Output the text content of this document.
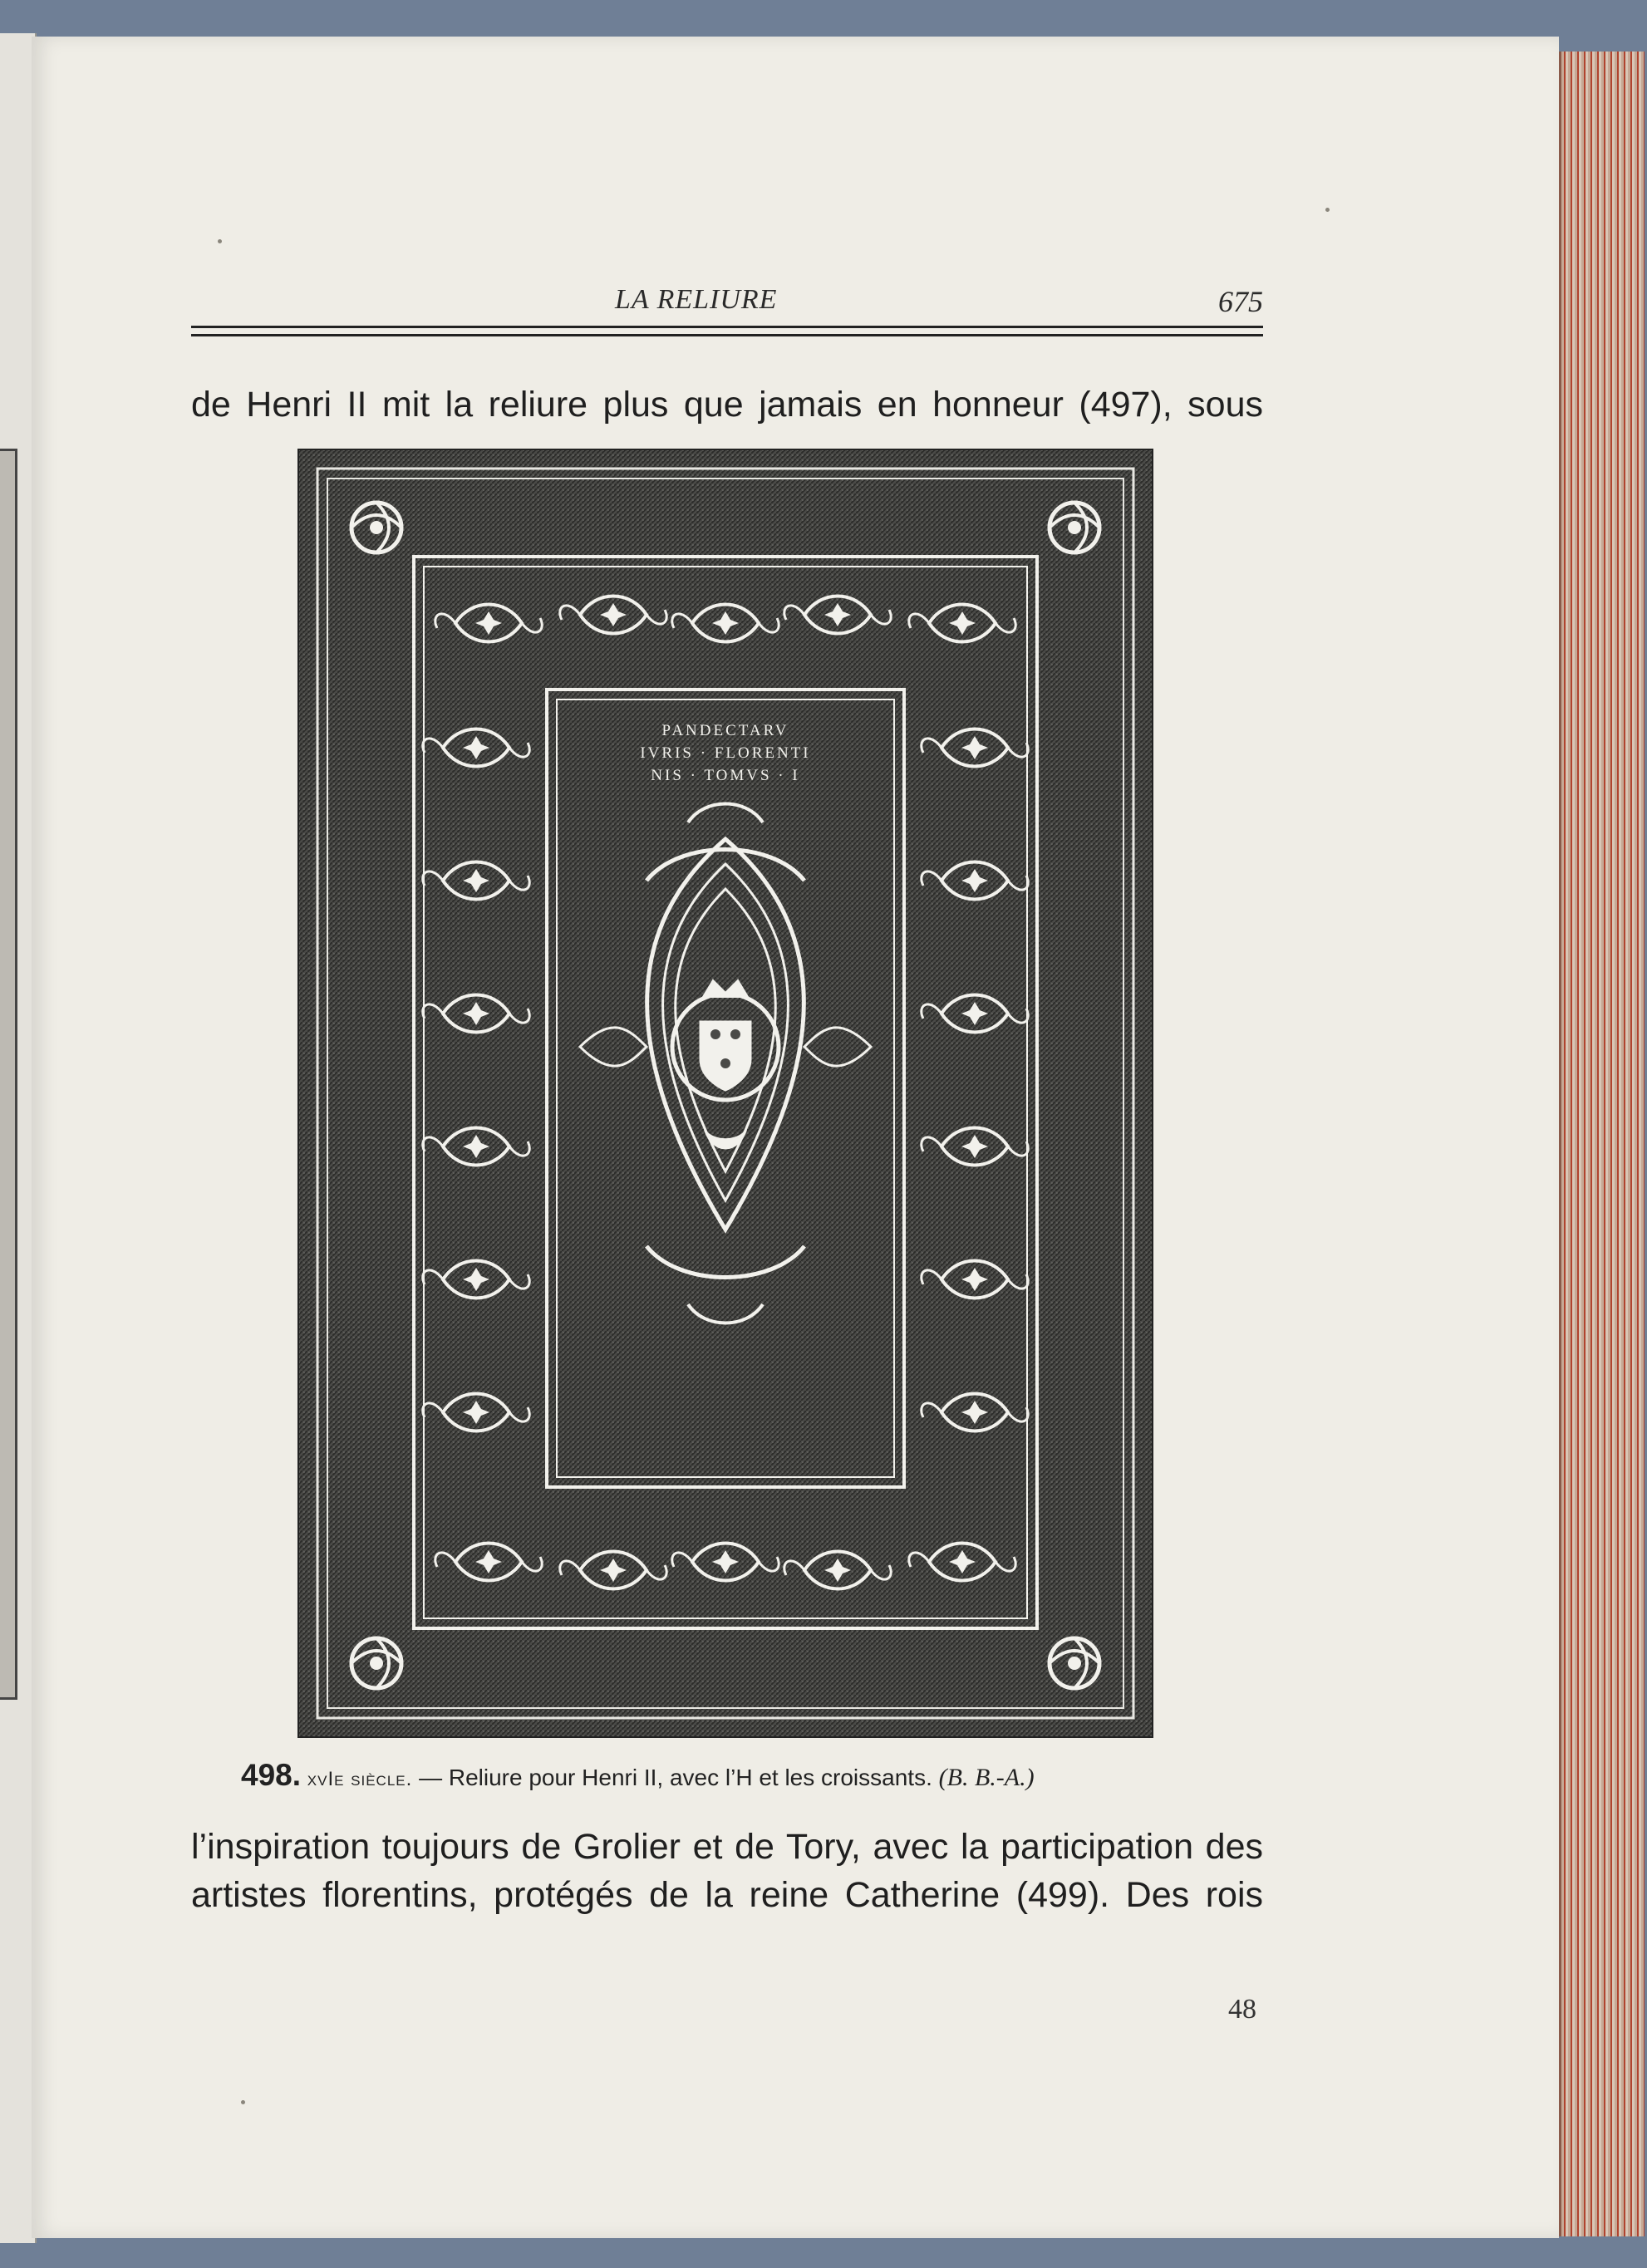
LA RELIURE	675
de Henri II mit la reliure plus que jamais en honneur (497), sous
PANDECTARV
IVRIS · FLORENTI
NIS · TOMVS · I
498. xvIe siècle. — Reliure pour Henri II, avec l’H et les croissants. (B. B.-A.)
l’inspiration toujours de Grolier et de Tory, avec la participation des
artistes florentins, protégés de la reine Catherine (499). Des rois
48
